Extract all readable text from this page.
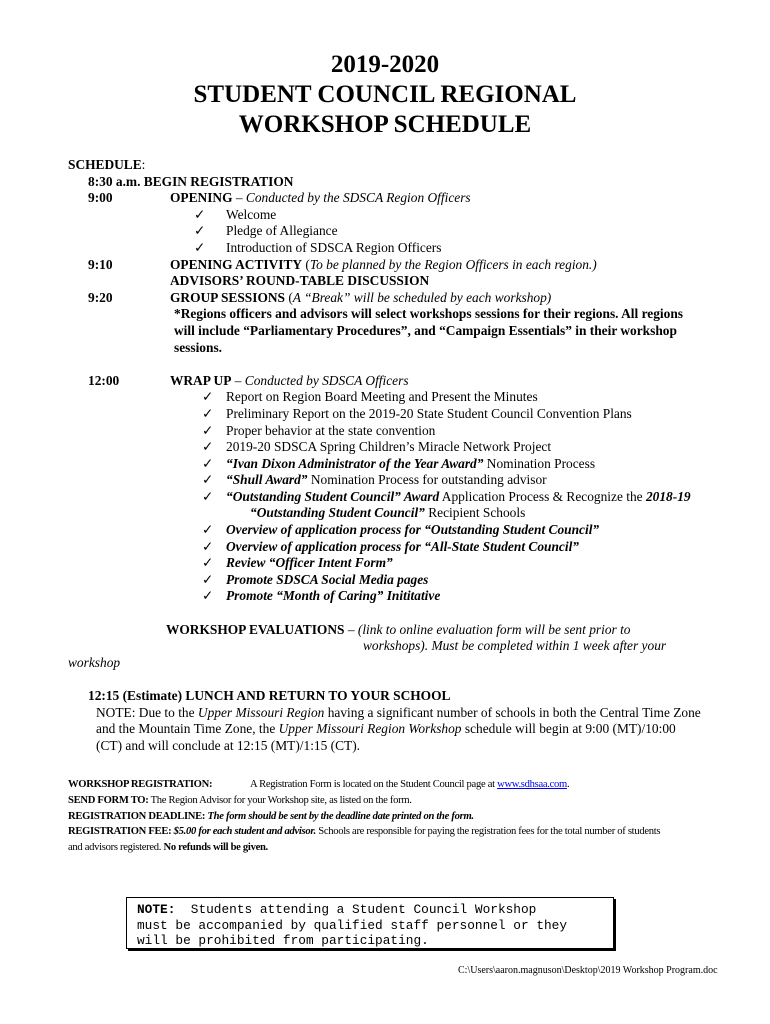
2019-2020
STUDENT COUNCIL REGIONAL
WORKSHOP SCHEDULE
SCHEDULE:
8:30 a.m. BEGIN REGISTRATION
9:00	OPENING – Conducted by the SDSCA Region Officers
✓ Welcome
✓ Pledge of Allegiance
✓ Introduction of SDSCA Region Officers
9:10	OPENING ACTIVITY (To be planned by the Region Officers in each region.)
ADVISORS’ ROUND-TABLE DISCUSSION
9:20	GROUP SESSIONS (A “Break” will be scheduled by each workshop)
*Regions officers and advisors will select workshops sessions for their regions. All regions
will include “Parliamentary Procedures”, and “Campaign Essentials” in their workshop
sessions.
12:00	WRAP UP – Conducted by SDSCA Officers
✓ Report on Region Board Meeting and Present the Minutes
✓ Preliminary Report on the 2019-20 State Student Council Convention Plans
✓ Proper behavior at the state convention
✓ 2019-20 SDSCA Spring Children’s Miracle Network Project
✓ “Ivan Dixon Administrator of the Year Award” Nomination Process
✓ “Shull Award” Nomination Process for outstanding advisor
✓ “Outstanding Student Council” Award Application Process & Recognize the 2018-19
“Outstanding Student Council” Recipient Schools
✓ Overview of application process for “Outstanding Student Council”
✓ Overview of application process for “All-State Student Council”
✓ Review “Officer Intent Form”
✓ Promote SDSCA Social Media pages
✓ Promote “Month of Caring” Inititative
WORKSHOP EVALUATIONS – (link to online evaluation form will be sent prior to
workshops). Must be completed within 1 week after your
workshop
12:15 (Estimate) LUNCH AND RETURN TO YOUR SCHOOL
NOTE: Due to the Upper Missouri Region having a significant number of schools in both the Central Time Zone
and the Mountain Time Zone, the Upper Missouri Region Workshop schedule will begin at 9:00 (MT)/10:00
(CT) and will conclude at 12:15 (MT)/1:15 (CT).
WORKSHOP REGISTRATION:	A Registration Form is located on the Student Council page at www.sdhsaa.com.
SEND FORM TO: The Region Advisor for your Workshop site, as listed on the form.
REGISTRATION DEADLINE: The form should be sent by the deadline date printed on the form.
REGISTRATION FEE: $5.00 for each student and advisor. Schools are responsible for paying the registration fees for the total number of students
and advisors registered. No refunds will be given.
NOTE:  Students attending a Student Council Workshop
must be accompanied by qualified staff personnel or they
will be prohibited from participating.
C:\Users\aaron.magnuson\Desktop\2019 Workshop Program.doc
